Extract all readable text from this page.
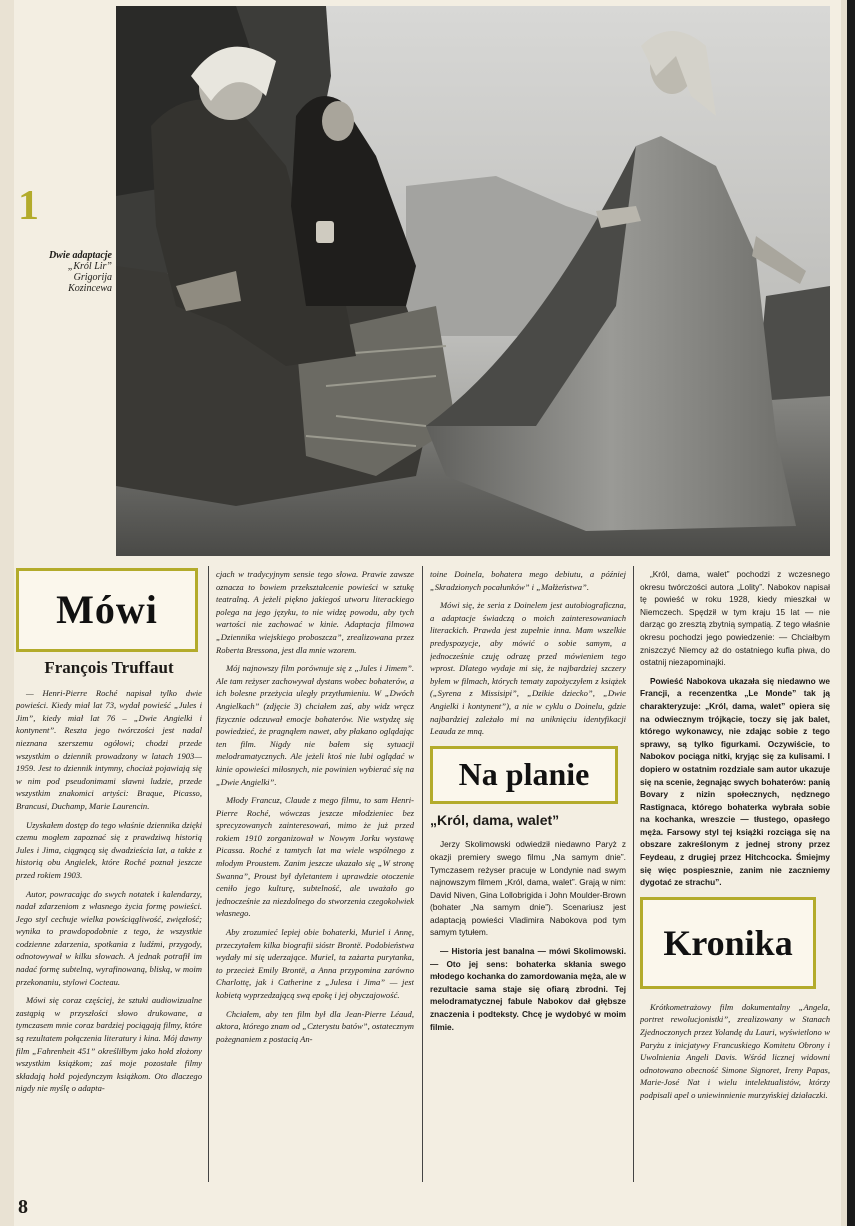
1
Dwie adaptacje
„Król Lir”
Grigorija
Kozincewa
Mówi
François Truffaut

— Henri-Pierre Roché napisał tylko dwie powieści. Kiedy miał lat 73, wydał powieść „Jules i Jim”, kiedy miał lat 76 – „Dwie Angielki i kontynent”. Reszta jego twórczości jest nadal nieznana szerszemu ogółowi; chodzi przede wszystkim o dziennik prowadzony w latach 1903—1959. Jest to dziennik intymny, chociaż pojawiają się w nim pod pseudonimami sławni ludzie, przede wszystkim znakomici artyści: Braque, Picasso, Brancusi, Duchamp, Marie Laurencin.

Uzyskałem dostęp do tego właśnie dziennika dzięki czemu mogłem zapoznać się z prawdziwą historią Jules i Jima, ciągnącą się dwadzieścia lat, a także z historią obu Angielek, które Roché poznał jeszcze przed rokiem 1903.

Autor, powracając do swych notatek i kalendarzy, nadał zdarzeniom z własnego życia formę powieści. Jego styl cechuje wielka powściągliwość, zwięzłość; wynika to prawdopodobnie z tego, że wszystkie codzienne zdarzenia, spotkania z ludźmi, przygody, odnotowywał w kilku słowach. A jednak potrafił im nadać formę subtelną, wyrafinowaną, bliską, w moim przekonaniu, stylowi Cocteau.

Mówi się coraz częściej, że sztuki audiowizualne zastąpią w przyszłości słowo drukowane, a tymczasem mnie coraz bardziej pociągają filmy, które są rezultatem połączenia literatury i kina. Mój dawny film „Fahrenheit 451” określiłbym jako hołd złożony wszystkim książkom; zaś moje pozostałe filmy składają hołd pojedynczym książkom. Oto dlaczego nigdy nie myślę o adapta-

cjach w tradycyjnym sensie tego słowa. Prawie zawsze oznacza to bowiem przekształcenie powieści w sztukę teatralną. A jeżeli piękno jakiegoś utworu literackiego polega na jego języku, to nie widzę powodu, aby tych wartości nie zachować w kinie. Adaptacja filmowa „Dziennika wiejskiego proboszcza”, zrealizowana przez Roberta Bressona, jest dla mnie wzorem.

Mój najnowszy film porównuje się z „Jules i Jimem”. Ale tam reżyser zachowywał dystans wobec bohaterów, a ich bolesne przeżycia uległy przytłumieniu. W „Dwóch Angielkach” (zdjęcie 3) chciałem zaś, aby widz wręcz fizycznie odczuwał emocje bohaterów. Nie wstydzę się powiedzieć, że pragnąłem nawet, aby płakano oglądając ten film. Nigdy nie bałem się sytuacji melodramatycznych. Ale jeżeli ktoś nie lubi oglądać w kinie opowieści miłosnych, nie powinien wybierać się na „Dwie Angielki”.

Młody Francuz, Claude z mego filmu, to sam Henri-Pierre Roché, wówczas jeszcze młodzieniec bez sprecyzowanych zainteresowań, mimo że już przed rokiem 1910 zorganizował w Nowym Jorku wystawę Picassa. Roché z tamtych lat ma wiele wspólnego z młodym Proustem. Zanim jeszcze ukazało się „W stronę Swanna”, Proust był dyletantem i uprawdzie otoczenie ceniło jego kulturę, subtelność, ale uważało go jednocześnie za niezdolnego do stworzenia czegokolwiek własnego.

Aby zrozumieć lepiej obie bohaterki, Muriel i Annę, przeczytałem kilka biografii sióstr Brontë. Podobieństwa wydały mi się uderzające. Muriel, ta zażarta purytanka, to przecież Emily Brontë, a Anna przypomina zarówno Charlottę, jak i Catherine z „Julesa i Jima” — jest kobietą wyprzedzającą swą epokę i jej obyczajowość.

Chciałem, aby ten film był dla Jean-Pierre Léaud, aktora, którego znam od „Czterystu batów”, ostatecznym pożegnaniem z postacią An-

toine Doinela, bohatera mego debiutu, a później „Skradzionych pocałunków” i „Małżeństwa”.

Mówi się, że seria z Doinelem jest autobiograficzna, a adaptacje świadczą o moich zainteresowaniach literackich. Prawda jest zupełnie inna. Mam wszelkie predyspozycje, aby mówić o sobie samym, a jednocześnie czuję odrazę przed mówieniem tego wprost. Dlatego wydaje mi się, że najbardziej szczery byłem w filmach, których tematy zapożyczyłem z książek („Syrena z Missisipi”, „Dzikie dziecko”, „Dwie Angielki i kontynent”), a nie w cyklu o Doinelu, gdzie najbardziej zależało mi na uniknięciu identyfikacji Leauda ze mną.

Na planie
„Król, dama, walet”

Jerzy Skolimowski odwiedził niedawno Paryż z okazji premiery swego filmu „Na samym dnie”. Tymczasem reżyser pracuje w Londynie nad swym najnowszym filmem „Król, dama, walet”. Grają w nim: David Niven, Gina Lollobrigida i John Moulder-Brown (bohater „Na samym dnie”). Scenariusz jest adaptacją powieści Vladimira Nabokova pod tym samym tytułem.

— Historia jest banalna — mówi Skolimowski. — Oto jej sens: bohaterka skłania swego młodego kochanka do zamordowania męża, ale w rezultacie sama staje się ofiarą zbrodni. Tej melodramatycznej fabule Nabokov dał głębsze znaczenia i podteksty. Chcę je wydobyć w moim filmie.

„Król, dama, walet” pochodzi z wczesnego okresu twórczości autora „Lolity”. Nabokov napisał tę powieść w roku 1928, kiedy mieszkał w Niemczech. Spędził w tym kraju 15 lat — nie darząc go zresztą zbytnią sympatią. Z tego właśnie okresu pochodzi jego powiedzenie: — Chciałbym zniszczyć Niemcy aż do ostatniego kufla piwa, do ostatnij niezapominajki.

Powieść Nabokova ukazała się niedawno we Francji, a recenzentka „Le Monde” tak ją charakteryzuje: „Król, dama, walet” opiera się na odwiecznym trójkącie, toczy się jak balet, którego wykonawcy, nie zdając sobie z tego sprawy, są tylko figurkami. Oczywiście, to Nabokov pociąga nitki, kryjąc się za kulisami. I dopiero w ostatnim rozdziale sam autor ukazuje się na scenie, żegnając swych bohaterów: panią Bovary z nizin społecznych, nędznego Rastignaca, którego bohaterka wybrała sobie na kochanka, wreszcie — tłustego, opasłego męża. Farsowy styl tej książki rozciąga się na obszare zakreślonym z jednej strony przez Feydeau, z drugiej przez Hitchcocka. Śmiejmy się więc pospiesznie, zanim nie zaczniemy dygotać ze strachu”.

Kronika

Krótkometrażowy film dokumentalny „Angela, portret rewolucjonistki”, zrealizowany w Stanach Zjednoczonych przez Yolandę du Lauri, wyświetlono w Paryżu z inicjatywy Francuskiego Komitetu Obrony i Uwolnienia Angeli Davis. Wśród licznej widowni odnotowano obecność Simone Signoret, Ireny Papas, Marie-José Nat i wielu intelektualistów, którzy podpisali apel o uniewinnienie murzyńskiej działaczki.

8
